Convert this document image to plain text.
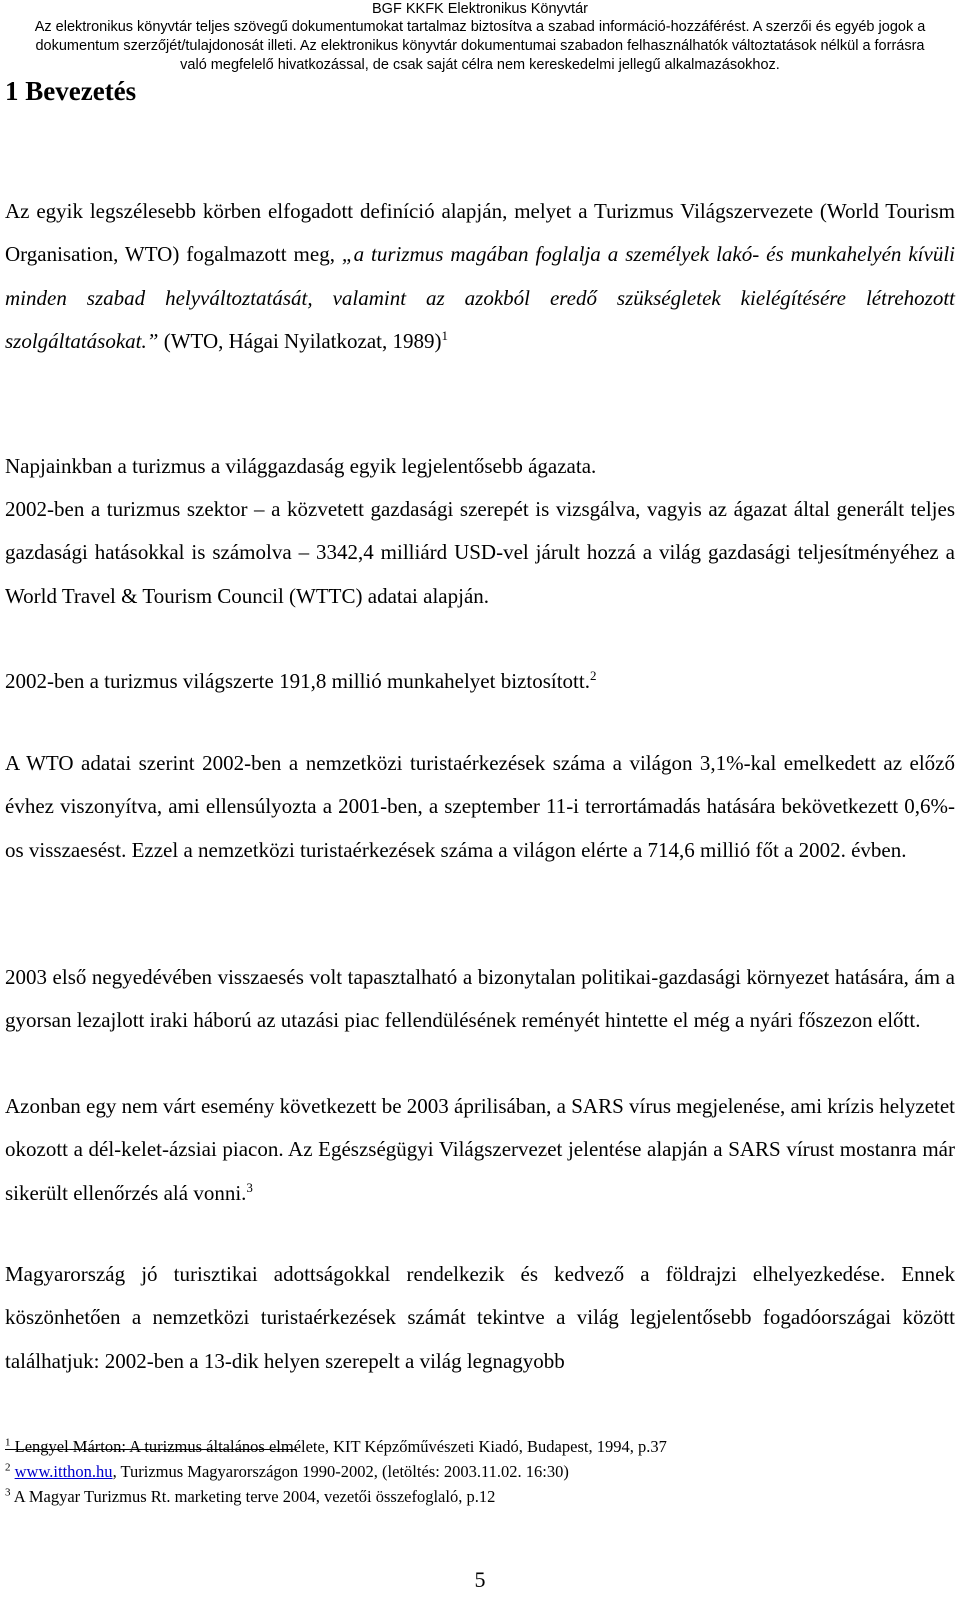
BGF KKFK Elektronikus Könyvtár
Az elektronikus könyvtár teljes szövegű dokumentumokat tartalmaz biztosítva a szabad információ-hozzáférést. A szerzői és egyéb jogok a
dokumentum szerzőjét/tulajdonosát illeti. Az elektronikus könyvtár dokumentumai szabadon felhasználhatók változtatások nélkül a forrásra
való megfelelő hivatkozással, de csak saját célra nem kereskedelmi jellegű alkalmazásokhoz.
1 Bevezetés

Az egyik legszélesebb körben elfogadott definíció alapján, melyet a Turizmus Világszervezete (World Tourism Organisation, WTO) fogalmazott meg, „a turizmus magában foglalja a személyek lakó- és munkahelyén kívüli minden szabad helyváltoztatását, valamint az azokból eredő szükségletek kielégítésére létrehozott szolgáltatásokat.” (WTO, Hágai Nyilatkozat, 1989)$^1$

Napjainkban a turizmus a világgazdaság egyik legjelentősebb ágazata.

2002-ben a turizmus szektor – a közvetett gazdasági szerepét is vizsgálva, vagyis az ágazat által generált teljes gazdasági hatásokkal is számolva – 3342,4 milliárd USD-vel járult hozzá a világ gazdasági teljesítményéhez a World Travel & Tourism Council (WTTC) adatai alapján.

2002-ben a turizmus világszerte 191,8 millió munkahelyet biztosított.$^2$

A WTO adatai szerint 2002-ben a nemzetközi turistaérkezések száma a világon 3,1%-kal emelkedett az előző évhez viszonyítva, ami ellensúlyozta a 2001-ben, a szeptember 11-i terrortámadás hatására bekövetkezett 0,6%-os visszaesést. Ezzel a nemzetközi turistaérkezések száma a világon elérte a 714,6 millió főt a 2002. évben.

2003 első negyedévében visszaesés volt tapasztalható a bizonytalan politikai-gazdasági környezet hatására, ám a gyorsan lezajlott iraki háború az utazási piac fellendülésének reményét hintette el még a nyári főszezon előtt.

Azonban egy nem várt esemény következett be 2003 áprilisában, a SARS vírus megjelenése, ami krízis helyzetet okozott a dél-kelet-ázsiai piacon. Az Egészségügyi Világszervezet jelentése alapján a SARS vírust mostanra már sikerült ellenőrzés alá vonni.$^3$

Magyarország jó turisztikai adottságokkal rendelkezik és kedvező a földrajzi elhelyezkedése. Ennek köszönhetően a nemzetközi turistaérkezések számát tekintve a világ legjelentősebb fogadóországai között találhatjuk: 2002-ben a 13-dik helyen szerepelt a világ legnagyobb

$^1$ Lengyel Márton: A turizmus általános elmélete, KIT Képzőművészeti Kiadó, Budapest, 1994, p.37
$^2$ www.itthon.hu, Turizmus Magyarországon 1990-2002, (letöltés: 2003.11.02. 16:30)
$^3$ A Magyar Turizmus Rt. marketing terve 2004, vezetői összefoglaló, p.12
5
